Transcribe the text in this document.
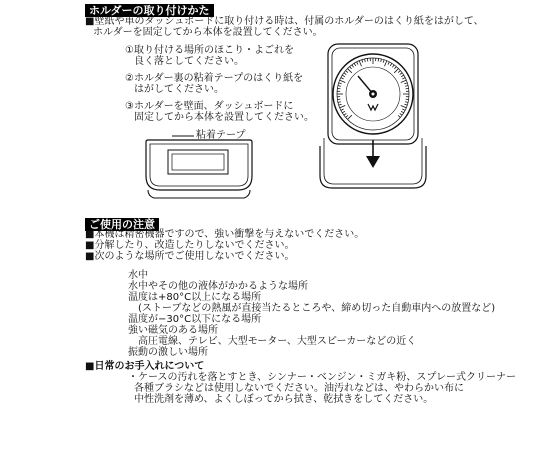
ホルダーの取り付けかた
■壁紙や車のダッシュボードに取り付ける時は、付属のホルダーのはくり紙をはがして、
ホルダーを固定してから本体を設置してください。
①取り付ける場所のほこり・よごれを
良く落としてください。
②ホルダー裏の粘着テープのはくり紙を
はがしてください。
③ホルダーを壁面、ダッシュボードに
固定してから本体を設置してください。
粘着テープ
ご使用の注意
■本機は精密機器ですので、強い衝撃を与えないでください。
■分解したり、改造したりしないでください。
■次のような場所でご使用しないでください。
水中
水中やその他の液体がかかるような場所
温度は+80°C以上になる場所
(ストーブなどの熱風が直接当たるところや、締め切った自動車内への放置など)
温度が−30°C以下になる場所
強い磁気のある場所
高圧電線、テレビ、大型モーター、大型スピーカーなどの近く
振動の激しい場所
■日常のお手入れについて
・ケースの汚れを落とすとき、シンナー・ベンジン・ミガキ粉、スプレー式クリーナー
各種ブラシなどは使用しないでください。油汚れなどは、やわらかい布に
中性洗剤を薄め、よくしぼってから拭き、乾拭きをしてください。
